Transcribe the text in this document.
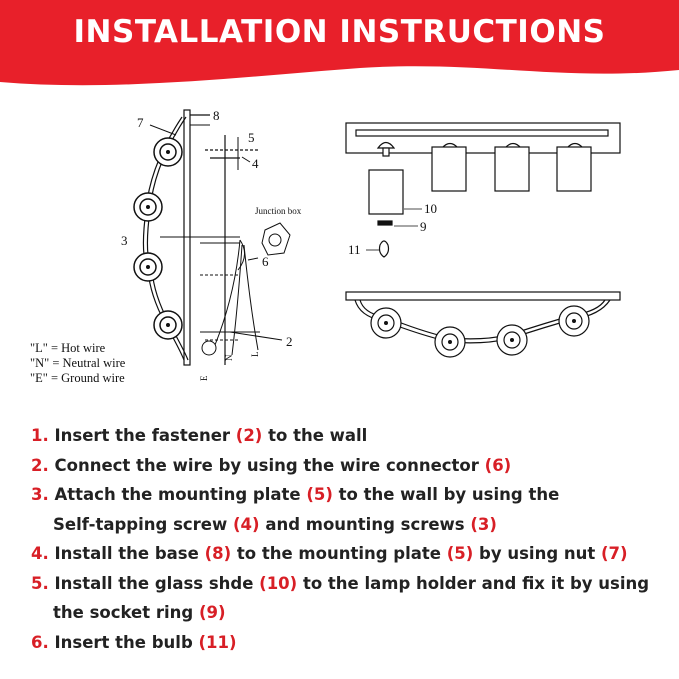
INSTALLATION INSTRUCTIONS
7	8
5
4
3
6
2
Junction box
E
N
L
10
9
11
"L" = Hot wire
"N" = Neutral wire
"E" = Ground wire
1. Insert the fastener (2) to the wall
2. Connect the wire by using the wire connector (6)
3. Attach the mounting plate (5) to the wall by using the
Self-tapping screw (4) and mounting screws (3)
4. Install the base (8) to the mounting plate (5) by using nut (7)
5. Install the glass shde (10) to the lamp holder and fix it by using
the socket ring (9)
6. Insert the bulb (11)
